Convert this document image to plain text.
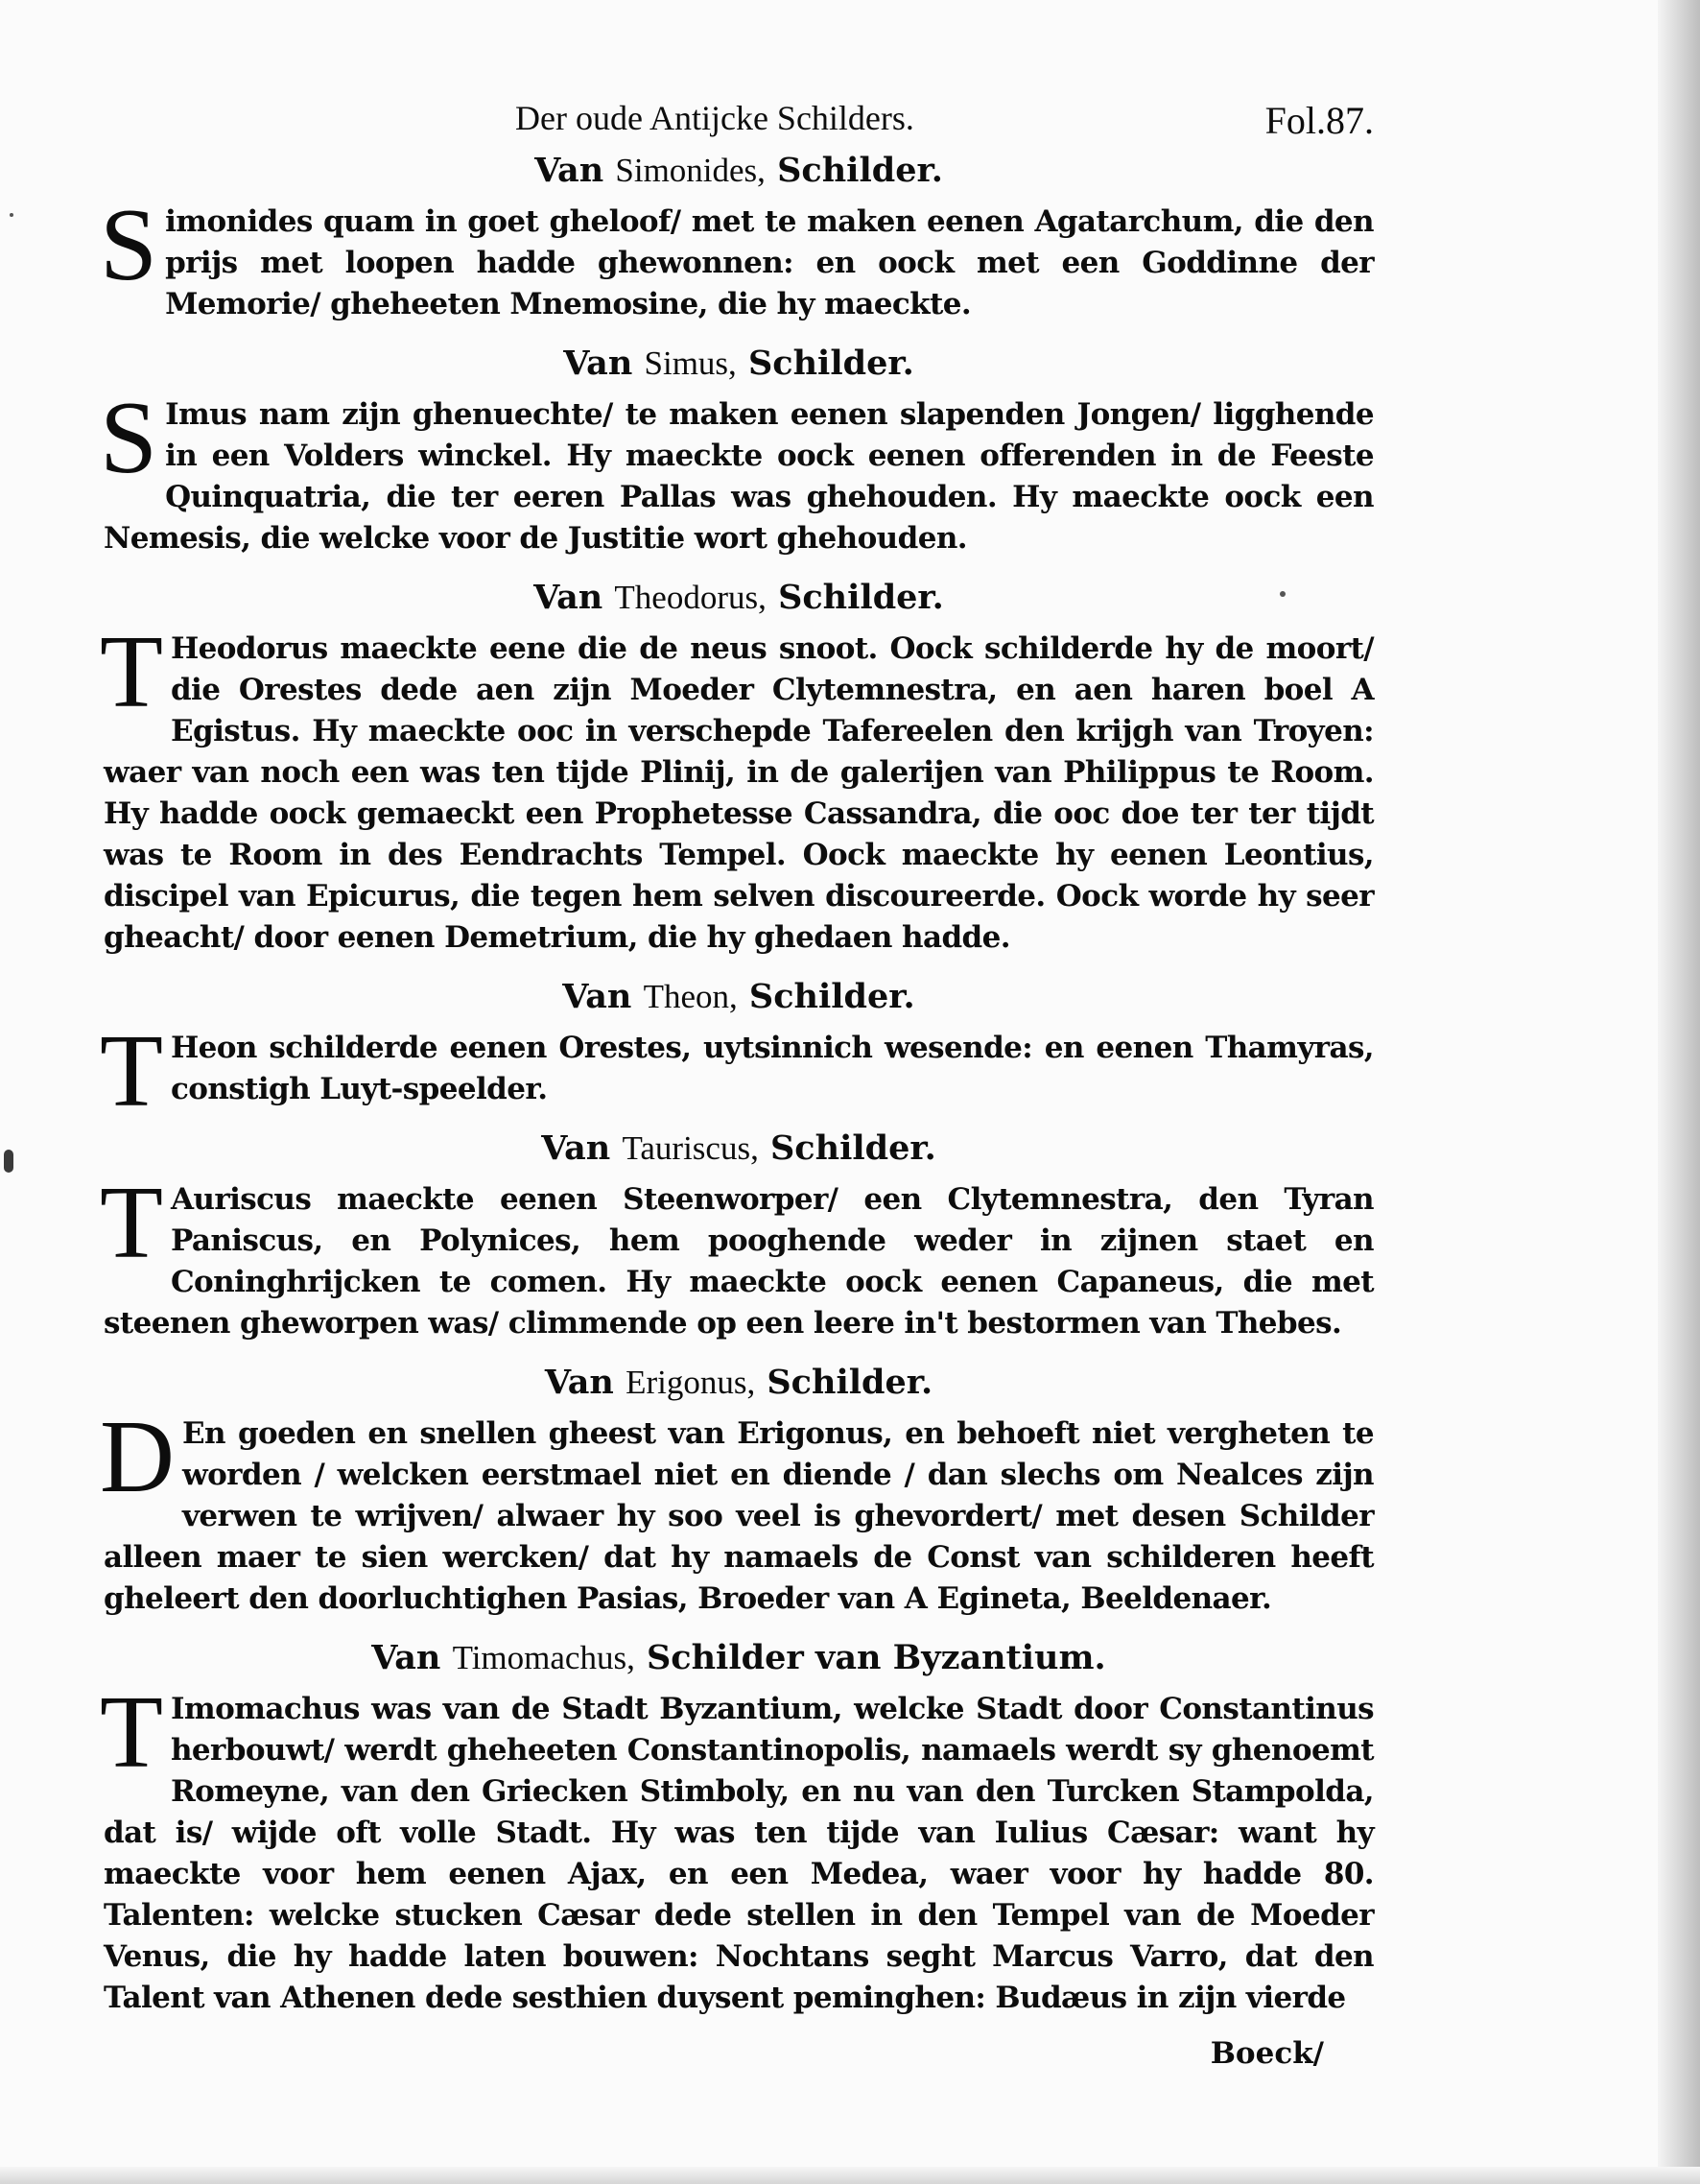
Der oude Antijcke Schilders.	Fol.87.
Van Simonides, Schilder.
S imonides quam in goet gheloof/ met te maken eenen Agatarchum, die den prijs met loopen hadde ghewonnen: en oock met een Goddinne der Memorie/ gheheeten Mnemosine, die hy maeckte.
Van Simus, Schilder.
S Imus nam zijn ghenuechte/ te maken eenen slapenden Jongen/ ligghende in een Volders winckel. Hy maeckte oock eenen offerenden in de Feeste Quinquatria, die ter eeren Pallas was ghehouden. Hy maeckte oock een Nemesis, die welcke voor de Justitie wort ghehouden.
Van Theodorus, Schilder.
T Heodorus maeckte eene die de neus snoot. Oock schilderde hy de moort/ die Orestes dede aen zijn Moeder Clytemnestra, en aen haren boel A Egistus. Hy maeckte ooc in verschepde Tafereelen den krijgh van Troyen: waer van noch een was ten tijde Plinij, in de galerijen van Philippus te Room. Hy hadde oock gemaeckt een Prophetesse Cassandra, die ooc doe ter ter tijdt was te Room in des Eendrachts Tempel. Oock maeckte hy eenen Leontius, discipel van Epicurus, die tegen hem selven discoureerde. Oock worde hy seer gheacht/ door eenen Demetrium, die hy ghedaen hadde.
Van Theon, Schilder.
T Heon schilderde eenen Orestes, uytsinnich wesende: en eenen Thamyras, constigh Luyt-speelder.
Van Tauriscus, Schilder.
T Auriscus maeckte eenen Steenworper/ een Clytemnestra, den Tyran Paniscus, en Polynices, hem pooghende weder in zijnen staet en Coninghrijcken te comen. Hy maeckte oock eenen Capaneus, die met steenen gheworpen was/ climmende op een leere in't bestormen van Thebes.
Van Erigonus, Schilder.
D En goeden en snellen gheest van Erigonus, en behoeft niet vergheten te worden / welcken eerstmael niet en diende / dan slechs om Nealces zijn verwen te wrijven/ alwaer hy soo veel is ghevordert/ met desen Schilder alleen maer te sien wercken/ dat hy namaels de Const van schilderen heeft gheleert den doorluchtighen Pasias, Broeder van A Egineta, Beeldenaer.
Van Timomachus, Schilder van Byzantium.
T Imomachus was van de Stadt Byzantium, welcke Stadt door Constantinus herbouwt/ werdt gheheeten Constantinopolis, namaels werdt sy ghenoemt Romeyne, van den Griecken Stimboly, en nu van den Turcken Stampolda, dat is/ wijde oft volle Stadt. Hy was ten tijde van Iulius Cæsar: want hy maeckte voor hem eenen Ajax, en een Medea, waer voor hy hadde 80. Talenten: welcke stucken Cæsar dede stellen in den Tempel van de Moeder Venus, die hy hadde laten bouwen: Nochtans seght Marcus Varro, dat den Talent van Athenen dede sesthien duysent peminghen: Budæus in zijn vierde
Boeck/
